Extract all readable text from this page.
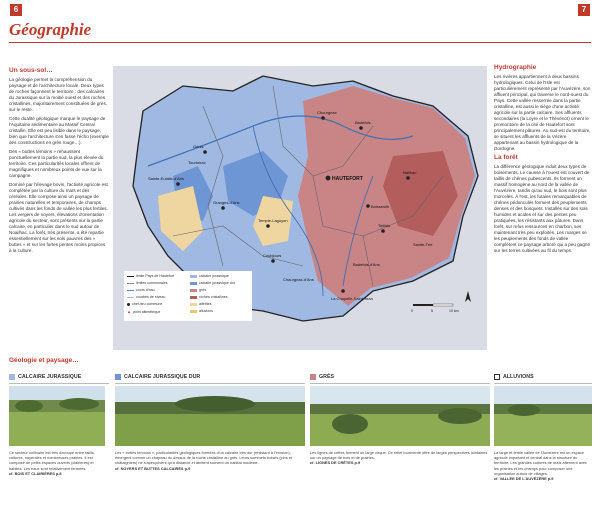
6	7
Géographie
Un sous-sol…

La géologie permet la compréhension du paysage et de l'architecture locale. Deux types de roches façonnent le territoire : des calcaires du Jurassique sur la moitié ouest et des roches cristallines, majoritairement constituées de grès, sur le reste.

Cette dualité géologique marque le paysage de l'Aquitaine sédimentaire au Massif Central cristallin. Elle est peu lisible dans le paysage, bien que l'architecture s'en fasse l'écho (exemple des constructions en grès rouge…).

Des « buttes témoins » rehaussent ponctuellement la partie sud, la plus élevée du territoire. Ces particularités locales offrent de magnifiques et nombreux points de vue sur la campagne.

Dominé par l'élevage bovin, l'activité agricole est complétée par la culture du maïs et des céréales. Elle compose ainsi un paysage de prairies naturelles et temporaires, de champs cultivés dans les fonds de vallée les plus fertiles. Les vergers de noyers, élevations d'orientation agricole du secteur, sont présents sur la partie calcaire, en particulier dans le sud autour de Noailhac. La forêt, très présente, a été repartie essentiellement sur les sols pauvres des « buttes » et sur les fortes pentes moins propices à la culture.

Chourgnac
Badefols
Génis
Tourtoirac
Sainte-Eulalie-d'Ans
Granges-d'Ans
Temple-Laguyon
HAUTEFORT
Nailhac
Boisseuilh
Teillots
Coubjours
Sainte-Trie
Badefols-d'Ans
Chaurgnac-d'Ans
La Chapelle-Saint-Jean
0	5	10 km
limite Pays de Hautefort
limites communales
cours d'eau
courbes de niveau
chef-lieu commune
▲ point altimétrique
calcaire jurassique
calcaire jurassique dur
grès
roches cristallines
altérites
alluvions
Hydrographie

Les rivières appartiennent à deux bassins hydrologiques. Celui de l'Isle est particulièrement représenté par l'Auvézère, son affluent principal, qui traverse le nord-ouest du Pays. Cette vallée resserrée dans la partie cristalline, est aussi le siège d'une activité agricole sur la partie calcaire. Ses affluents secondaires (la Loyre et le Thévénot) ornent le promontoire de la cité de Hautefort sont principalement pâtures. Au sud-est du territoire, se situent les affluents de la Vézère appartenant au bassin hydrologique de la Dordogne.

La forêt

La différence géologique induit deux types de boisements. Le causse à l'ouest est couvert de taillis de chênes pubescents. Ils forment un massif homogène au nord de la vallée de l'Auvézère, tandis qu'au sud, le bois sont plus morcelés. À l'est, les futaies remarquables de chênes pédonculés forment des peuplements denses et des bosquets. Installés sur des sols humides et acides et sur des pentes peu pratiquées, les résistants aux pâtures. Dans forêt, sur refus ressources en charbon, ses maintenant très peu exploités. Les marges se les peuplements des fonds de vallée complétent ce paysage arboré qui a peu gagné sur les terres cultivées au fil du temps.

Géologie et paysage…
CALCAIRE JURASSIQUE	CALCAIRE JURASSIQUE DUR	GRÈS	ALLUVIONS
Ce secteur collinaire est très découpé entre taillis, cultures, noyeraies et nombreuses prairies. Il est composé de petits espaces ouverts (clairières) et habités. Les eaux sont relativement fermées.
cf. BOIS ET CLAIRIÈRES p.8
Les « buttes témoins », particularités géologiques formées d'un calcaire très dur (résistant à l'érosion), émergent comme un chapeau du dessus de la roche cristalline du grès. Leurs sommets boisés (pins et châtaigniers) ne s'aperçoivent qu'à distance et abritent souvent un habitat modeste.
cf. NOYERS ET BUTTES CALCAIRES p.9
Les lignes de crêtes forment un large cirque. Ce relief tourmenté offre de larges perspectives lointaines sur un paysage de bois et de prairies.
cf. LIGNES DE CRÊTES p.9
La large et fertile vallée de l'Auvézère est un espace agricole important et central dans la structure du territoire. Les grandes cultures de maïs alternent avec les prairies et les champs pour composer une organisation autour de villages.
cf. VALLÉE DE L'AUVÉZÈRE p.9
